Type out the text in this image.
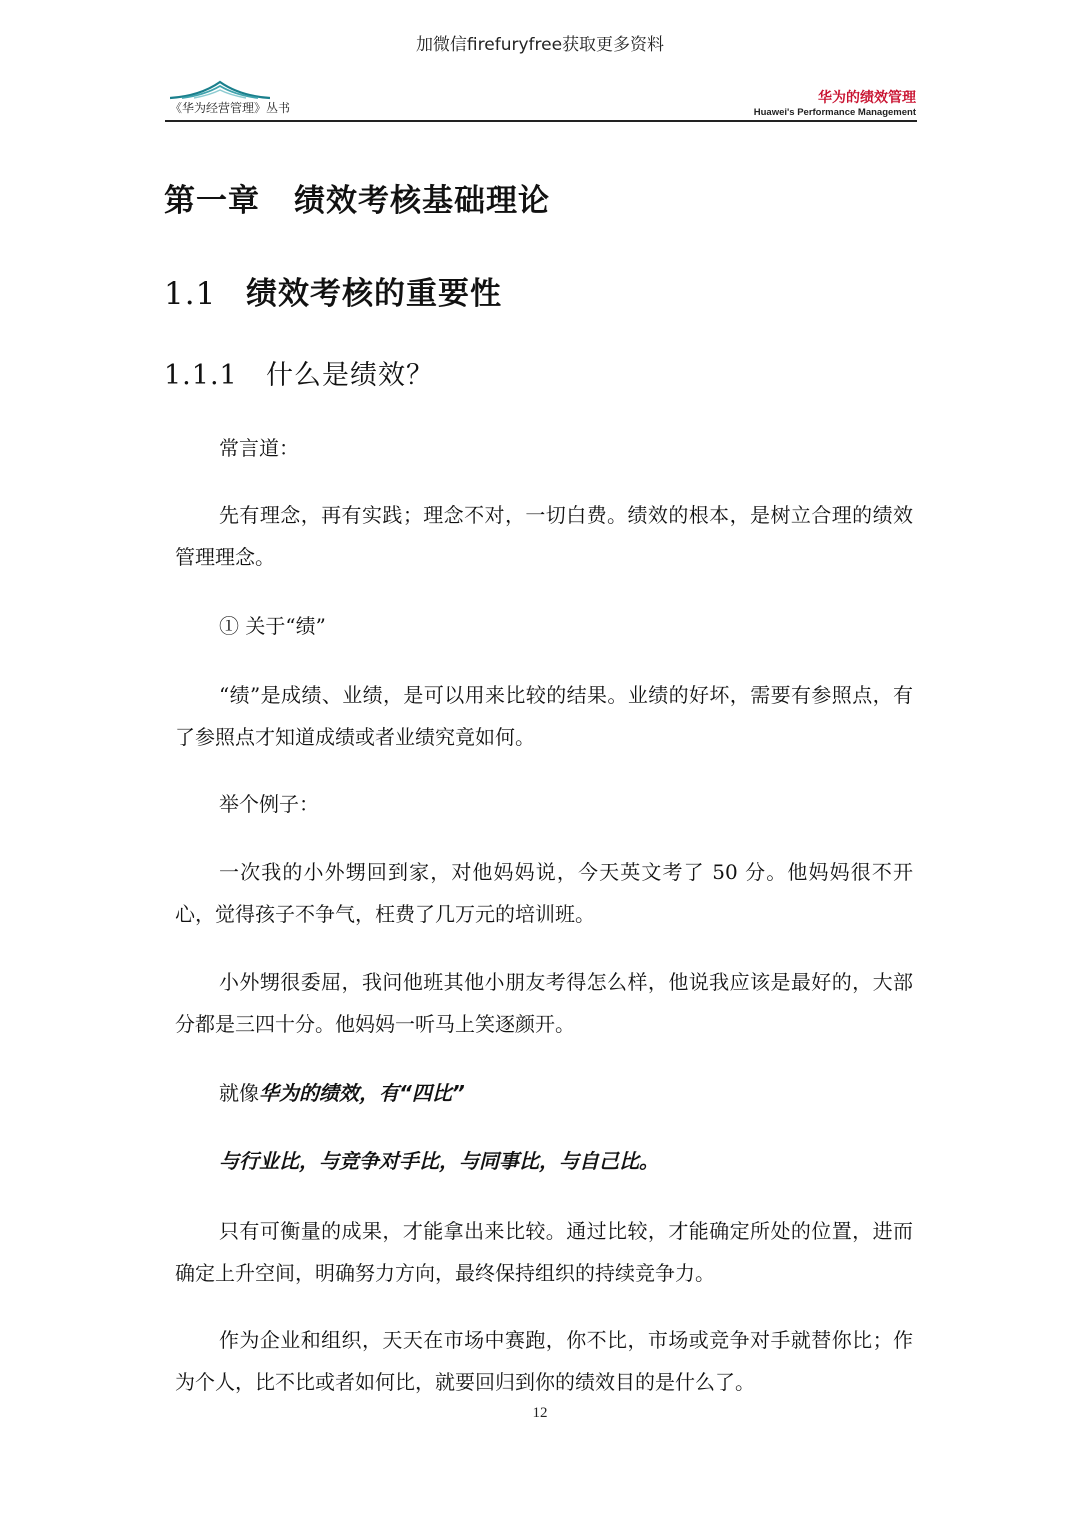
加微信firefuryfree获取更多资料
《华为经营管理》丛书
华为的绩效管理
Huawei's Performance Management
第一章 绩效考核基础理论
1.1 绩效考核的重要性
1.1.1 什么是绩效？

常言道：

先有理念，再有实践；理念不对，一切白费。绩效的根本，是树立合理的绩效管理理念。

① 关于“绩”

“绩”是成绩、业绩，是可以用来比较的结果。业绩的好坏，需要有参照点，有了参照点才知道成绩或者业绩究竟如何。

举个例子：

一次我的小外甥回到家，对他妈妈说，今天英文考了 50 分。他妈妈很不开心，觉得孩子不争气，枉费了几万元的培训班。

小外甥很委屈，我问他班其他小朋友考得怎么样，他说我应该是最好的，大部分都是三四十分。他妈妈一听马上笑逐颜开。

就像华为的绩效，有“四比”

与行业比，与竞争对手比，与同事比，与自己比。

只有可衡量的成果，才能拿出来比较。通过比较，才能确定所处的位置，进而确定上升空间，明确努力方向，最终保持组织的持续竞争力。

作为企业和组织，天天在市场中赛跑，你不比，市场或竞争对手就替你比；作为个人，比不比或者如何比，就要回归到你的绩效目的是什么了。

12
